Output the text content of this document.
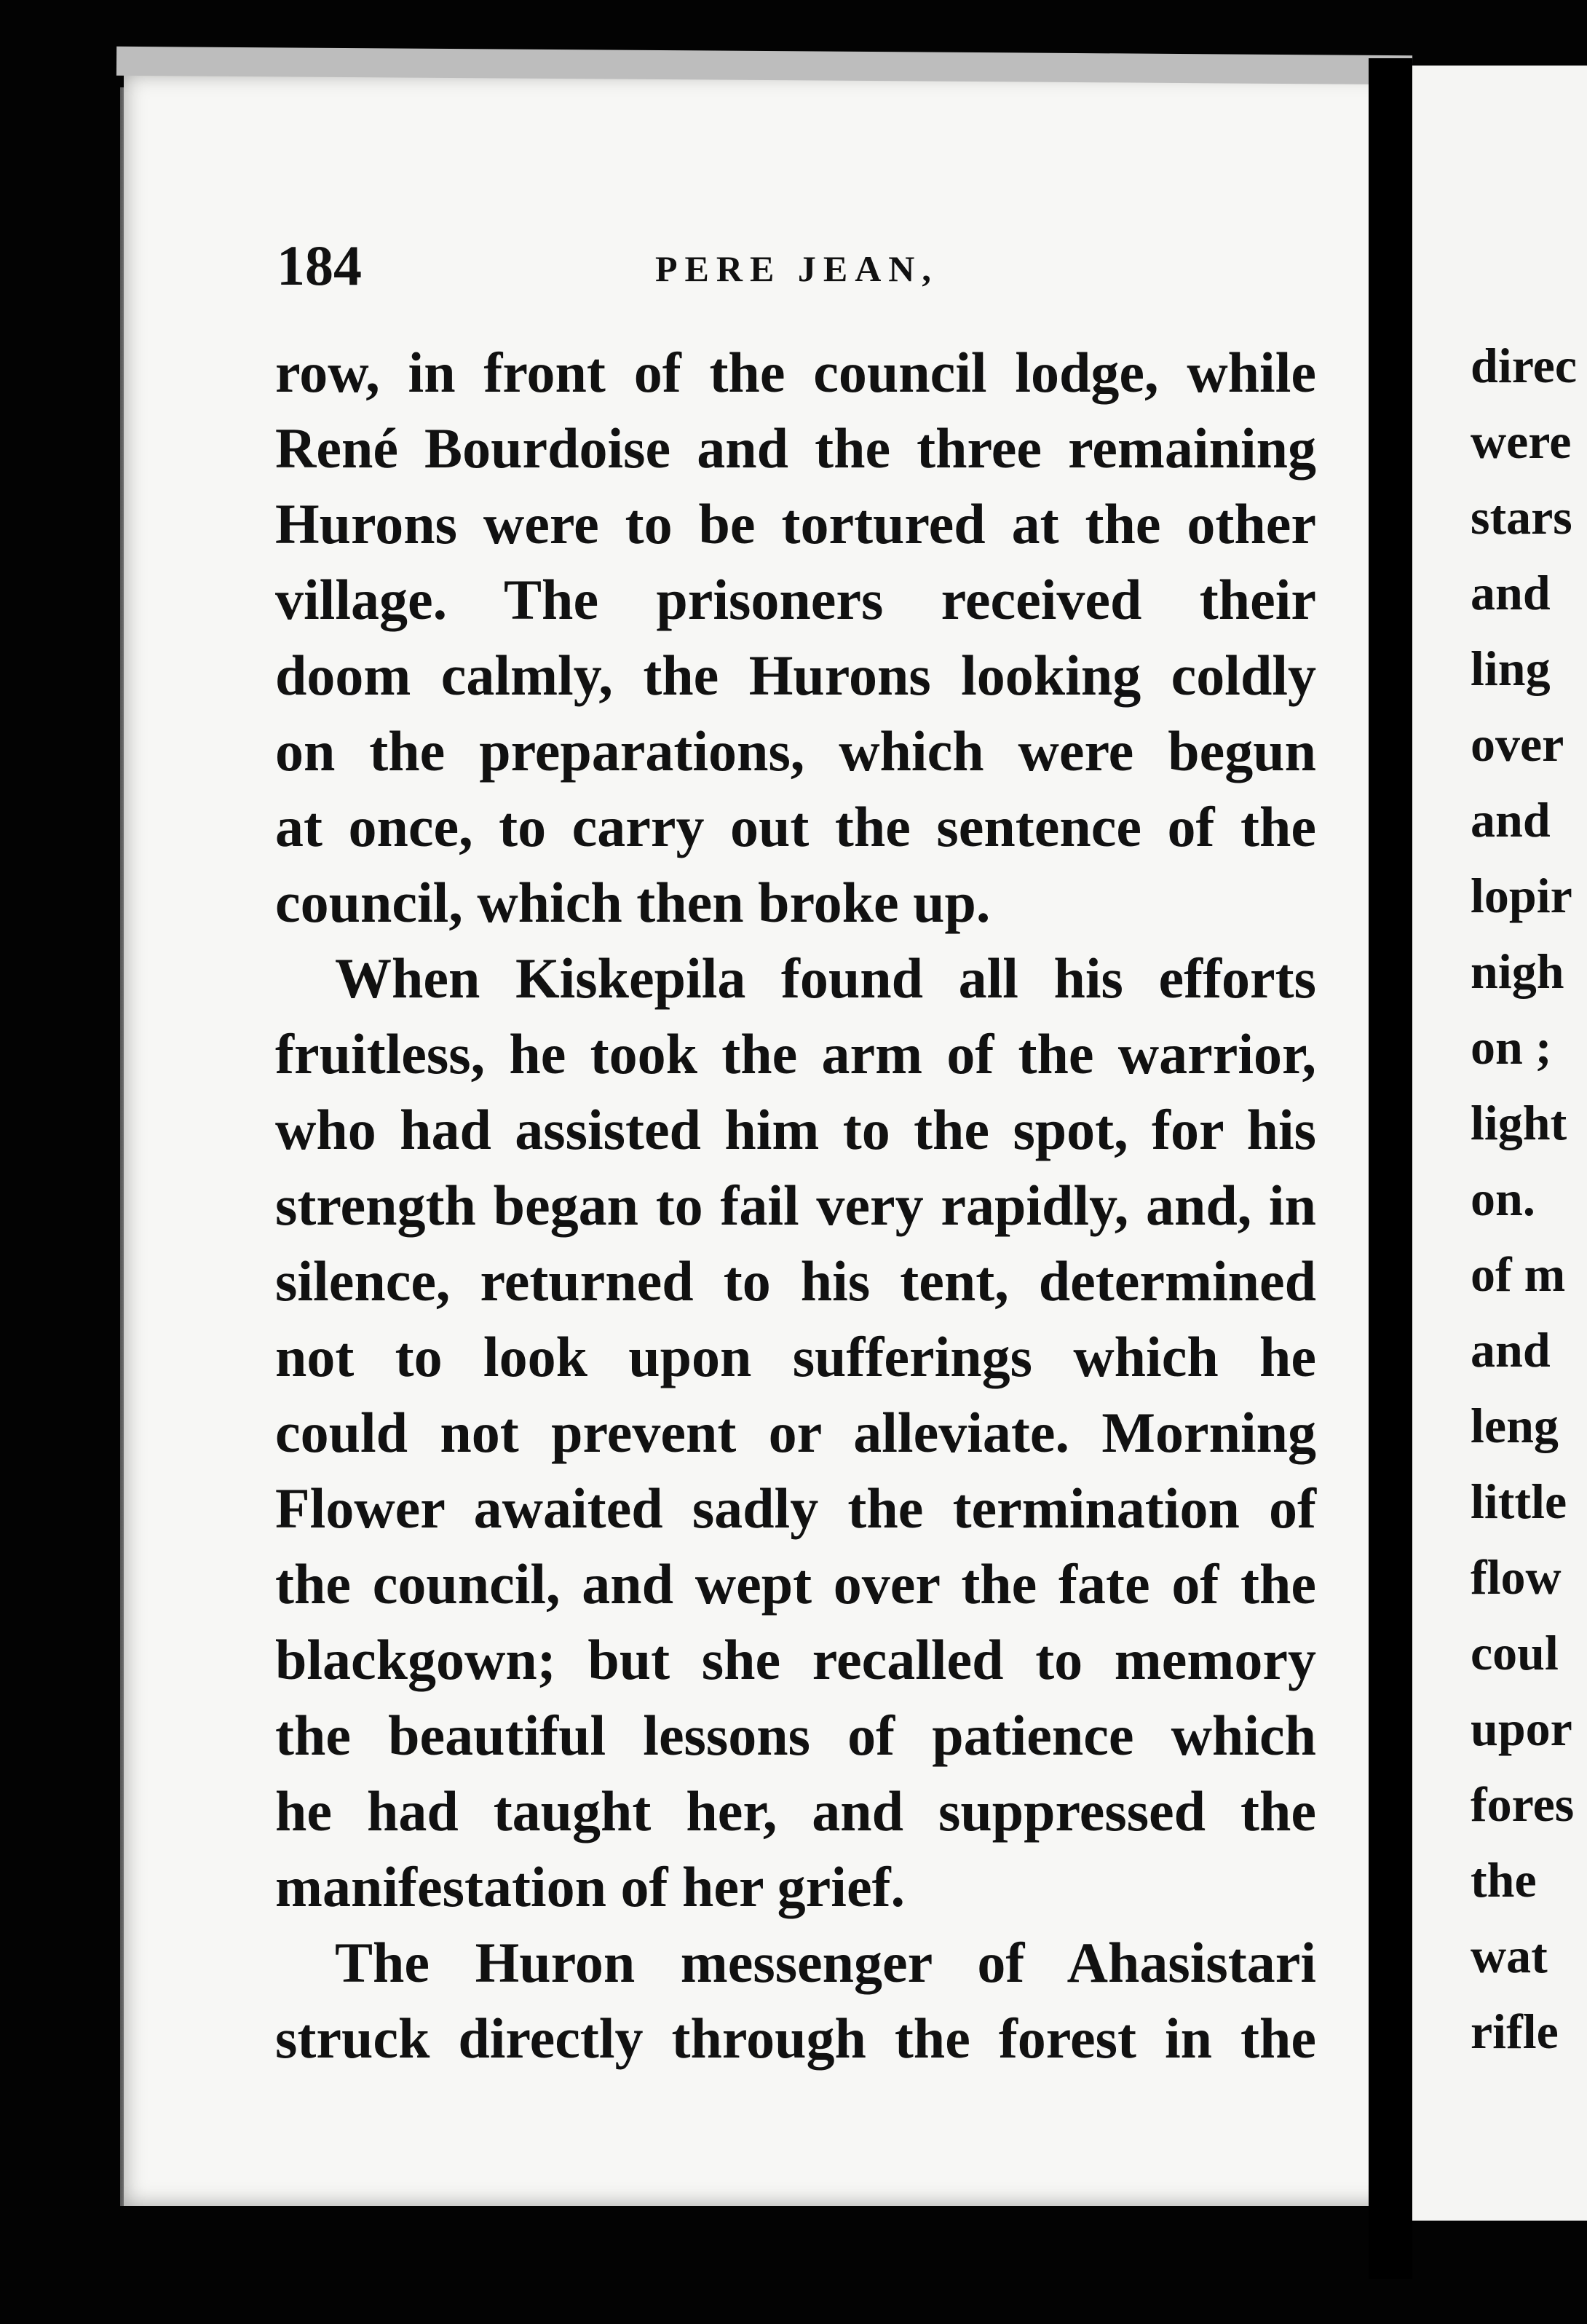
184	PERE JEAN,
row, in front of the council lodge, while
René Bourdoise and the three remaining
Hurons were to be tortured at the other
village. The prisoners received their
doom calmly, the Hurons looking coldly
on the preparations, which were begun
at once, to carry out the sentence of the
council, which then broke up.
When Kiskepila found all his efforts
fruitless, he took the arm of the warrior,
who had assisted him to the spot, for his
strength began to fail very rapidly, and, in
silence, returned to his tent, determined
not to look upon sufferings which he
could not prevent or alleviate. Morning
Flower awaited sadly the termination of
the council, and wept over the fate of the
blackgown; but she recalled to memory
the beautiful lessons of patience which
he had taught her, and suppressed the
manifestation of her grief.
The Huron messenger of Ahasistari
struck directly through the forest in the
direc
were
stars
and
ling
over
and
lopir
nigh
on ;
light
on.
of m
and
leng
little
flow
coul
upor
fores
the
wat
rifle
